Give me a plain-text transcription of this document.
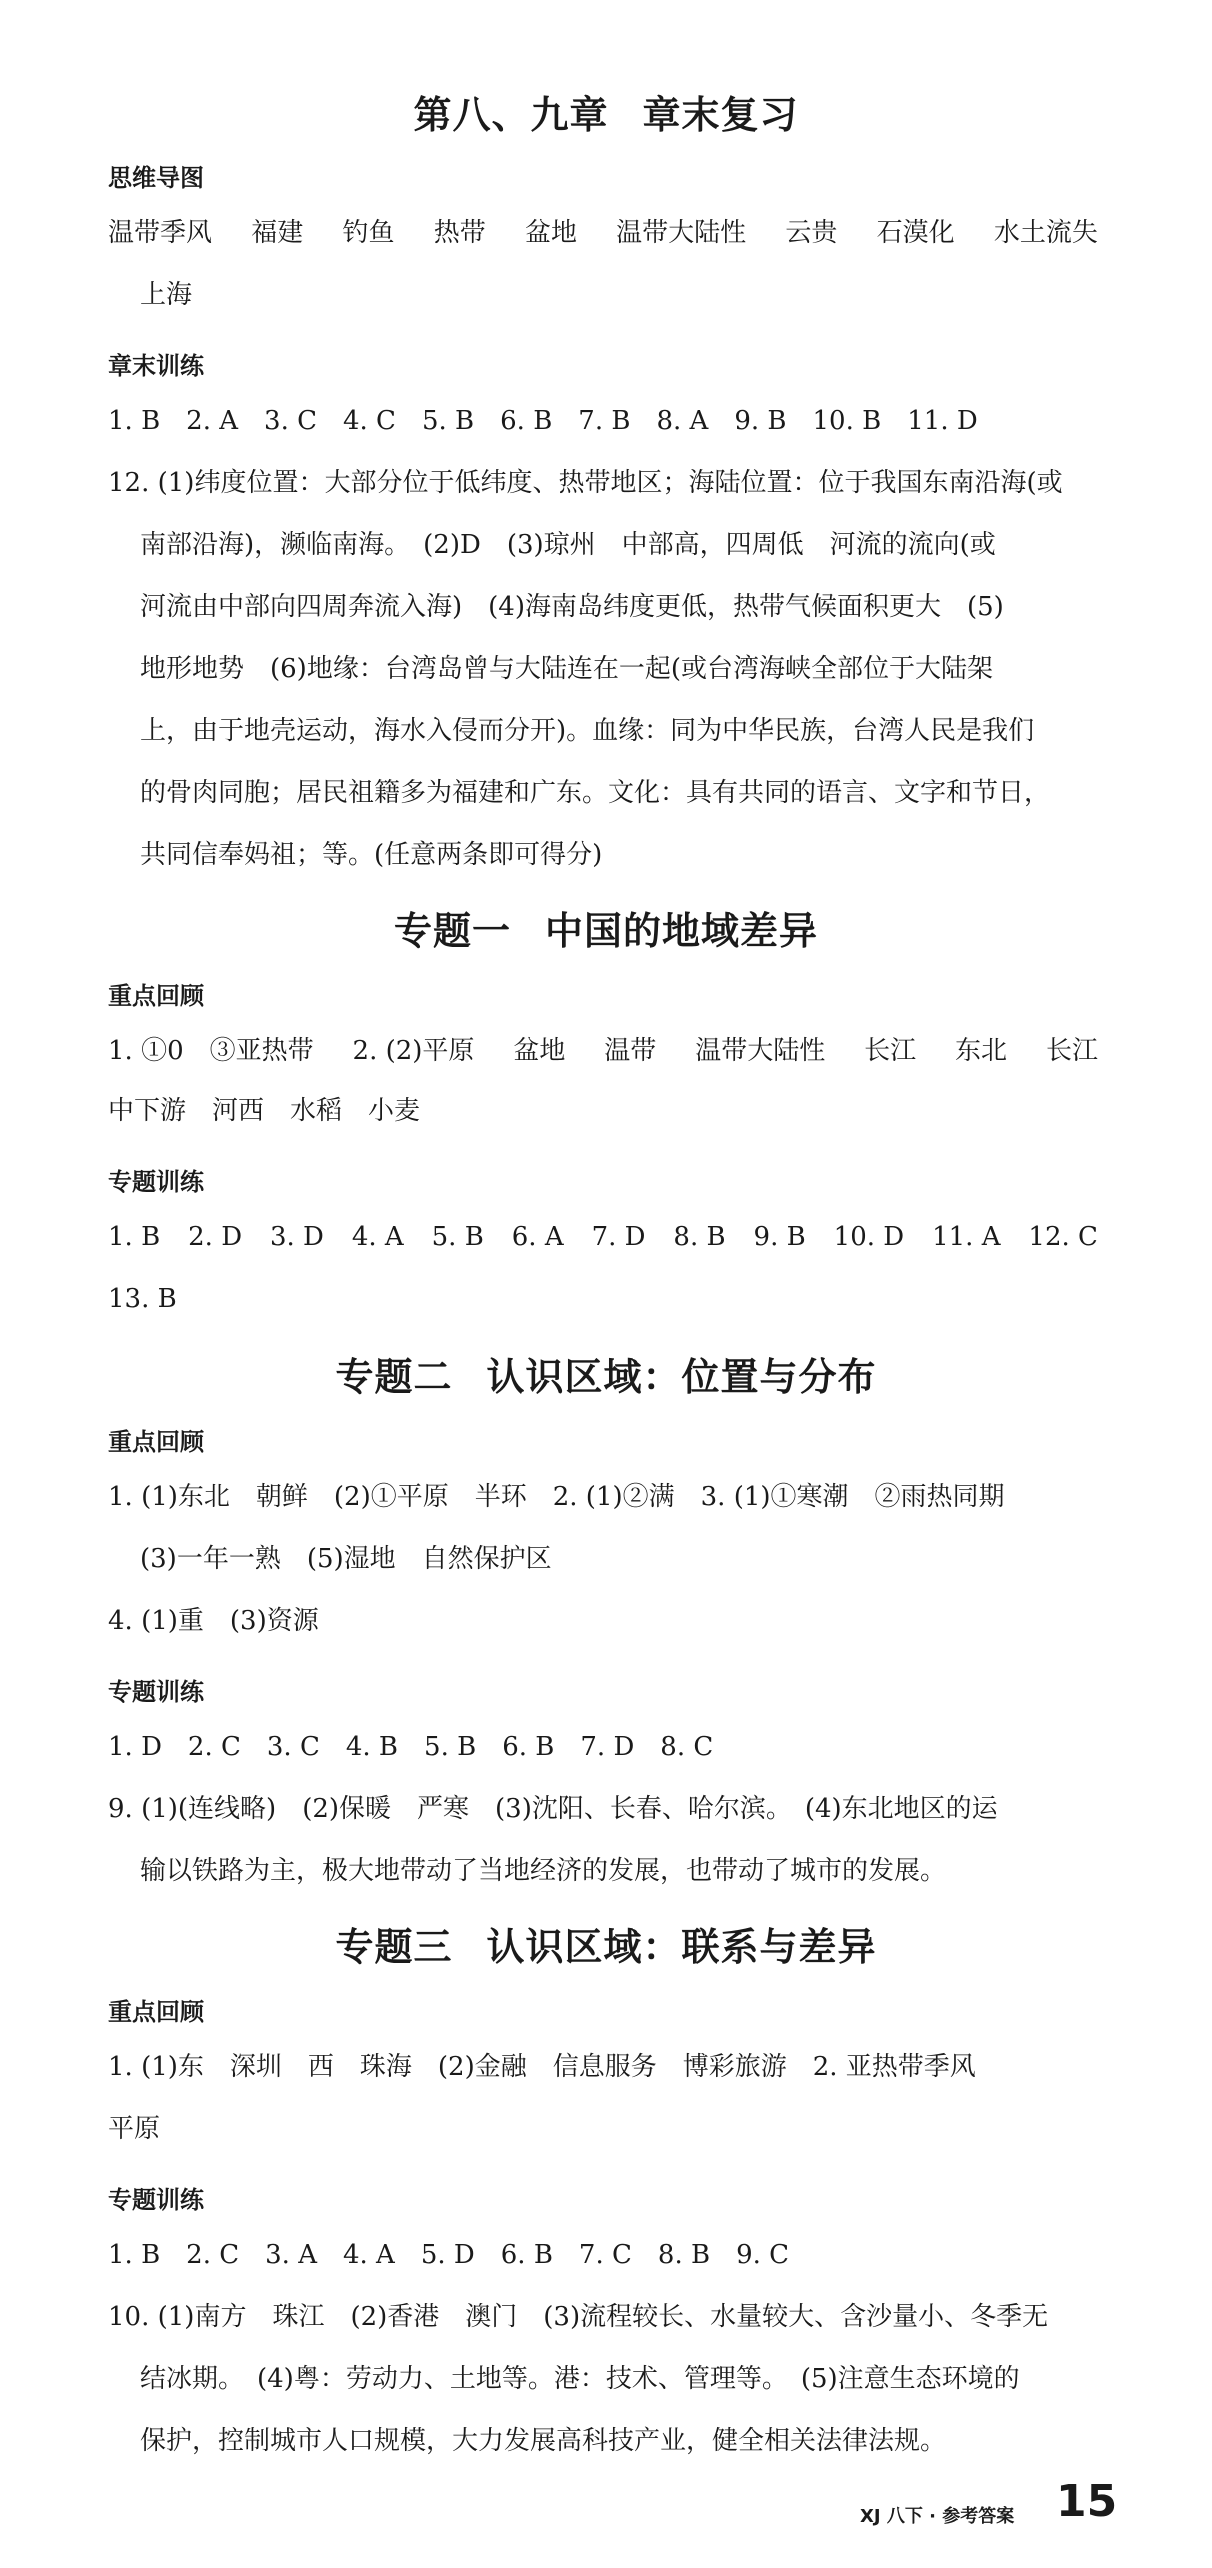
第八、九章 章末复习
思维导图
温带季风 福建 钓鱼 热带 盆地 温带大陆性 云贵 石漠化 水土流失
上海
章末训练
1. B　2. A　3. C　4. C　5. B　6. B　7. B　8. A　9. B　10. B　11. D
12. (1)纬度位置：大部分位于低纬度、热带地区；海陆位置：位于我国东南沿海(或
南部沿海)，濒临南海。　(2)D　(3)琼州　中部高，四周低　河流的流向(或
河流由中部向四周奔流入海)　(4)海南岛纬度更低，热带气候面积更大　(5)
地形地势　(6)地缘：台湾岛曾与大陆连在一起(或台湾海峡全部位于大陆架
上，由于地壳运动，海水入侵而分开)。血缘：同为中华民族，台湾人民是我们
的骨肉同胞；居民祖籍多为福建和广东。文化：具有共同的语言、文字和节日，
共同信奉妈祖；等。(任意两条即可得分)
专题一 中国的地域差异
重点回顾
1. ①0　③亚热带 2. (2)平原 盆地 温带 温带大陆性 长江 东北 长江
中下游　河西　水稻　小麦
专题训练
1. B 2. D 3. D 4. A 5. B 6. A 7. D 8. B 9. B 10. D 11. A 12. C
13. B
专题二 认识区域：位置与分布
重点回顾
1. (1)东北　朝鲜　(2)①平原　半环　2. (1)②满　3. (1)①寒潮　②雨热同期
(3)一年一熟　(5)湿地　自然保护区
4. (1)重　(3)资源
专题训练
1. D　2. C　3. C　4. B　5. B　6. B　7. D　8. C
9. (1)(连线略)　(2)保暖　严寒　(3)沈阳、长春、哈尔滨。　(4)东北地区的运
输以铁路为主，极大地带动了当地经济的发展，也带动了城市的发展。
专题三 认识区域：联系与差异
重点回顾
1. (1)东　深圳　西　珠海　(2)金融　信息服务　博彩旅游　2. 亚热带季风
平原
专题训练
1. B　2. C　3. A　4. A　5. D　6. B　7. C　8. B　9. C
10. (1)南方　珠江　(2)香港　澳门　(3)流程较长、水量较大、含沙量小、冬季无
结冰期。　(4)粤：劳动力、土地等。港：技术、管理等。　(5)注意生态环境的
保护，控制城市人口规模，大力发展高科技产业，健全相关法律法规。
XJ 八下 · 参考答案 15
